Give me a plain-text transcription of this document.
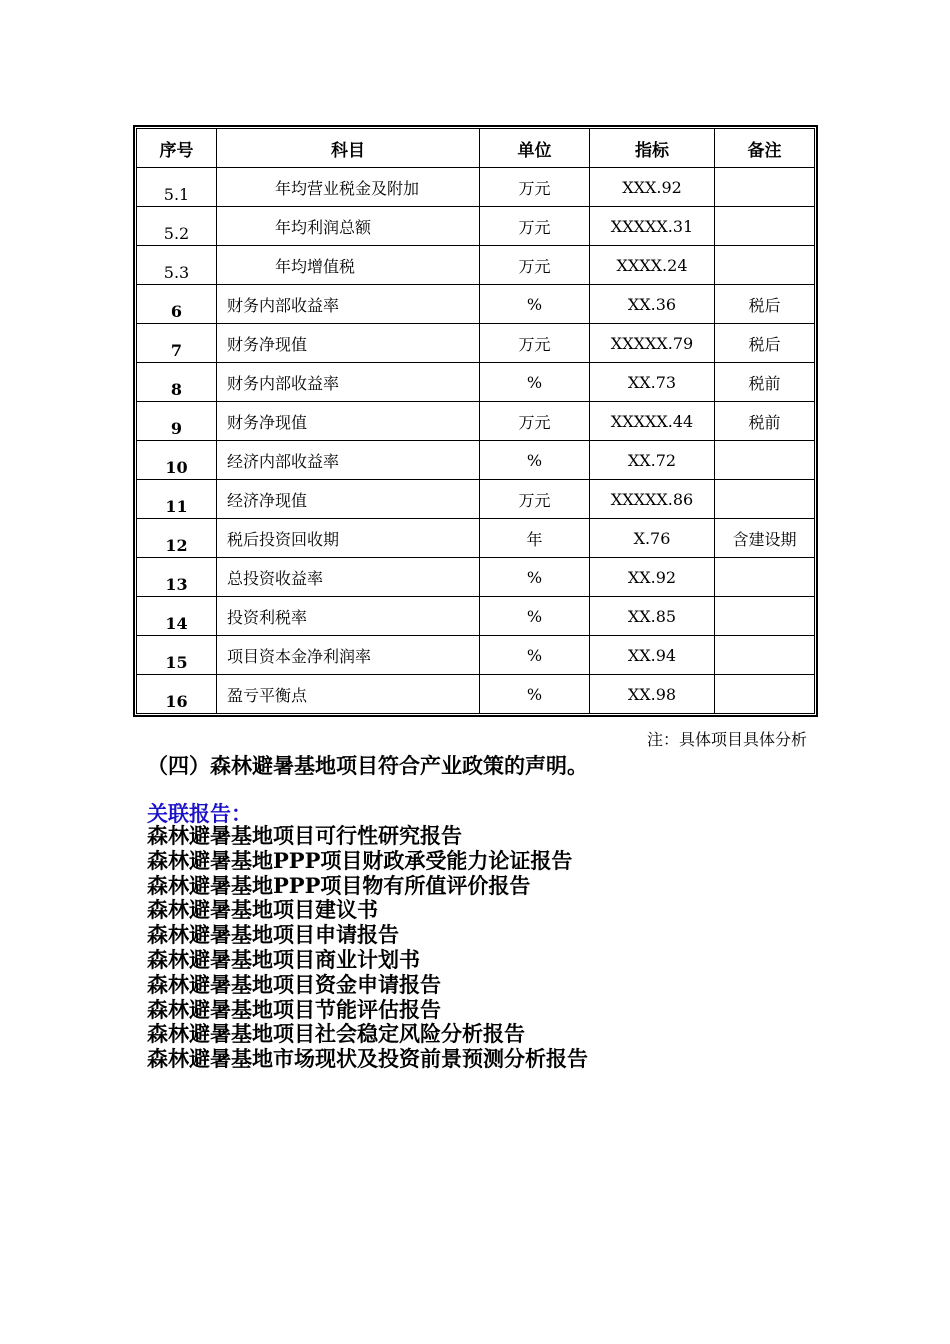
序号	科目	单位	指标	备注
5.1	年均营业税金及附加	万元	XXX.92	
5.2	年均利润总额	万元	XXXXX.31	
5.3	年均增值税	万元	XXXX.24	
6	财务内部收益率	%	XX.36	税后
7	财务净现值	万元	XXXXX.79	税后
8	财务内部收益率	%	XX.73	税前
9	财务净现值	万元	XXXXX.44	税前
10	经济内部收益率	%	XX.72	
11	经济净现值	万元	XXXXX.86	
12	税后投资回收期	年	X.76	含建设期
13	总投资收益率	%	XX.92	
14	投资利税率	%	XX.85	
15	项目资本金净利润率	%	XX.94	
16	盈亏平衡点	%	XX.98	
注：具体项目具体分析
（四）森林避暑基地项目符合产业政策的声明。
关联报告：
森林避暑基地项目可行性研究报告
森林避暑基地PPP项目财政承受能力论证报告
森林避暑基地PPP项目物有所值评价报告
森林避暑基地项目建议书
森林避暑基地项目申请报告
森林避暑基地项目商业计划书
森林避暑基地项目资金申请报告
森林避暑基地项目节能评估报告
森林避暑基地项目社会稳定风险分析报告
森林避暑基地市场现状及投资前景预测分析报告
